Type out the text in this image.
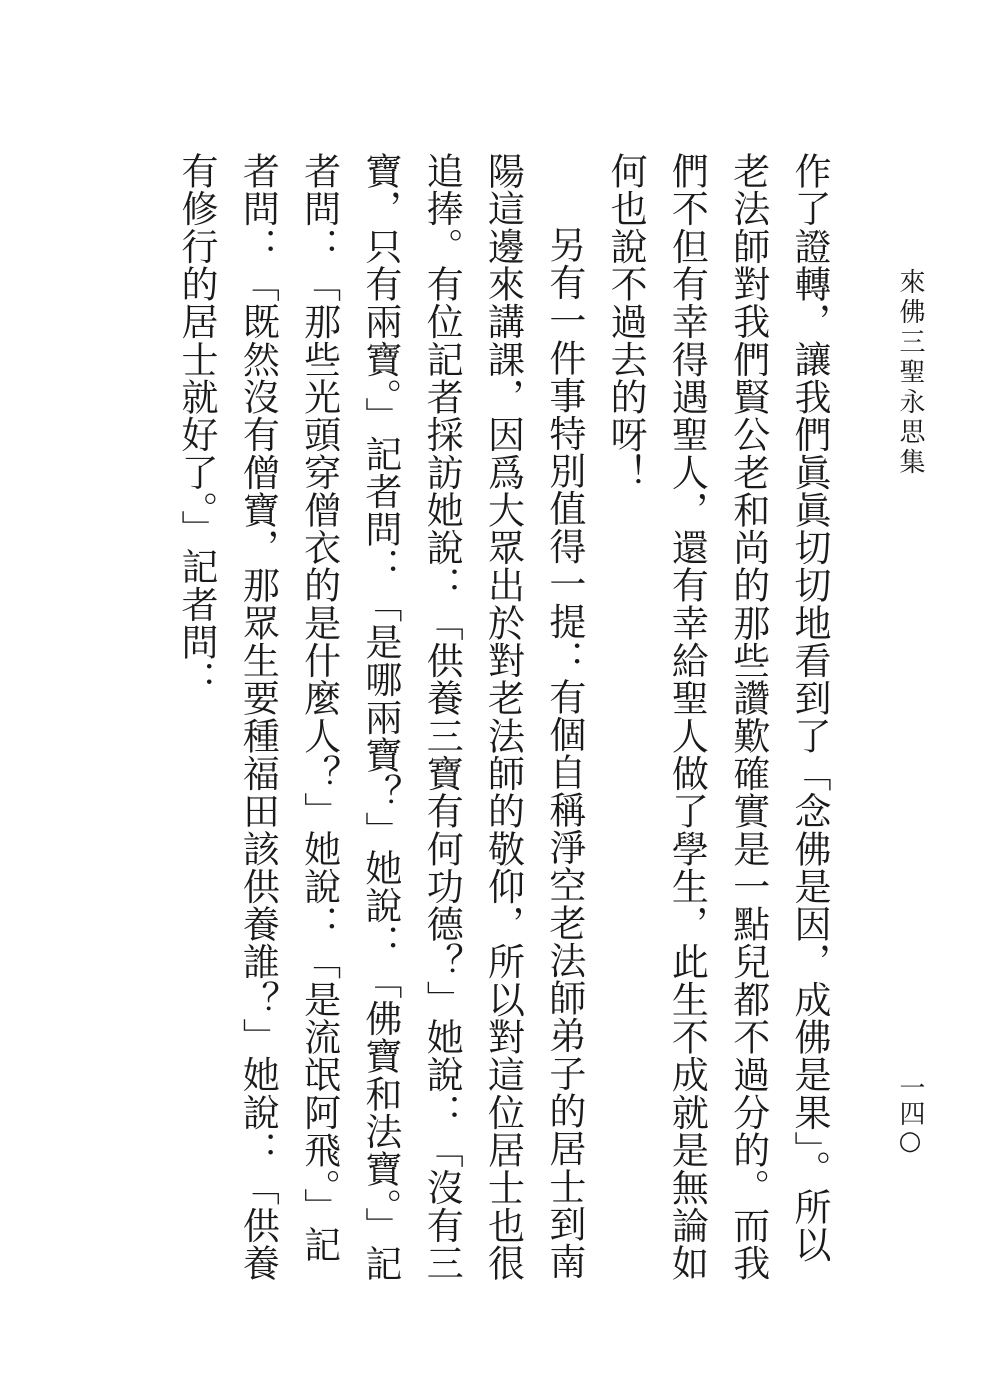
來佛三聖永思集
一四○

作了證轉，讓我們眞眞切切地看到了「念佛是因，成佛是果」。所以老法師對我們賢公老和尚的那些讚歎確實是一點兒都不過分的。而我們不但有幸得遇聖人，還有幸給聖人做了學生，此生不成就是無論如何也說不過去的呀！

另有一件事特別值得一提：有個自稱淨空老法師弟子的居士到南陽這邊來講課，因爲大眾出於對老法師的敬仰，所以對這位居士也很追捧。有位記者採訪她說：「供養三寶有何功德？」她說：「沒有三寶，只有兩寶。」記者問：「是哪兩寶？」她說：「佛寶和法寶。」記者問：「那些光頭穿僧衣的是什麼人？」她說：「是流氓阿飛。」記者問：「既然沒有僧寶，那眾生要種福田該供養誰？」她說：「供養有修行的居士就好了。」記者問：
